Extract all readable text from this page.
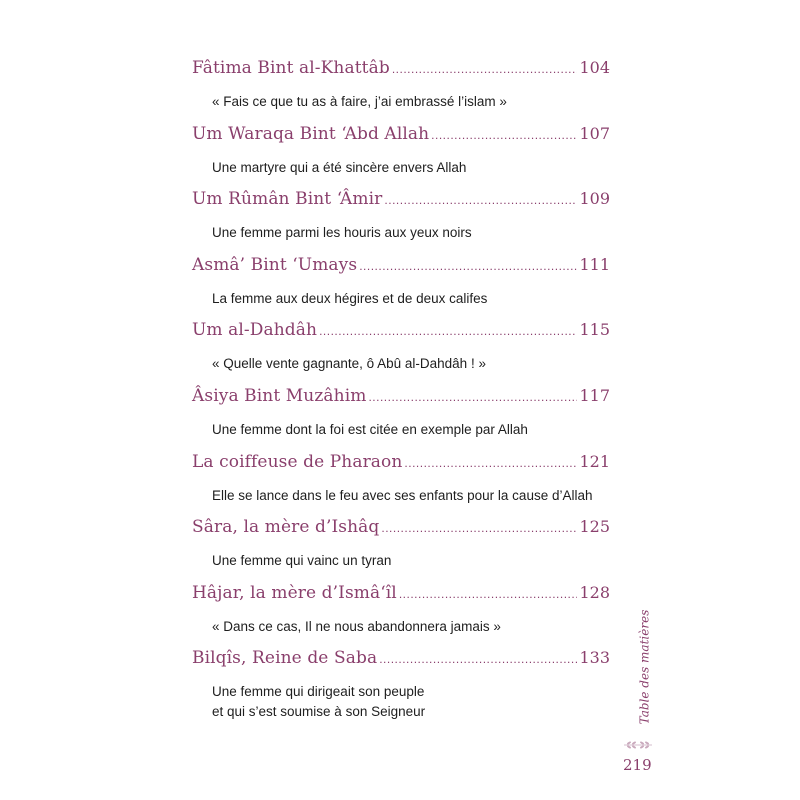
Fâtima Bint al-Khattâb .....	104
« Fais ce que tu as à faire, j’ai embrassé l’islam »
Um Waraqa Bint ‘Abd Allah .....	107
Une martyre qui a été sincère envers Allah
Um Rûmân Bint ‘Âmir .....	109
Une femme parmi les houris aux yeux noirs
Asmâ’ Bint ‘Umays .....	111
La femme aux deux hégires et de deux califes
Um al-Dahdâh .....	115
« Quelle vente gagnante, ô Abû al-Dahdâh ! »
Âsiya Bint Muzâhim .....	117
Une femme dont la foi est citée en exemple par Allah
La coiffeuse de Pharaon .....	121
Elle se lance dans le feu avec ses enfants pour la cause d’Allah
Sâra, la mère d’Ishâq .....	125
Une femme qui vainc un tyran
Hâjar, la mère d’Ismâ‘îl .....	128
« Dans ce cas, Il ne nous abandonnera jamais »
Bilqîs, Reine de Saba .....	133
Une femme qui dirigeait son peuple
et qui s’est soumise à son Seigneur	Table des matières
219
